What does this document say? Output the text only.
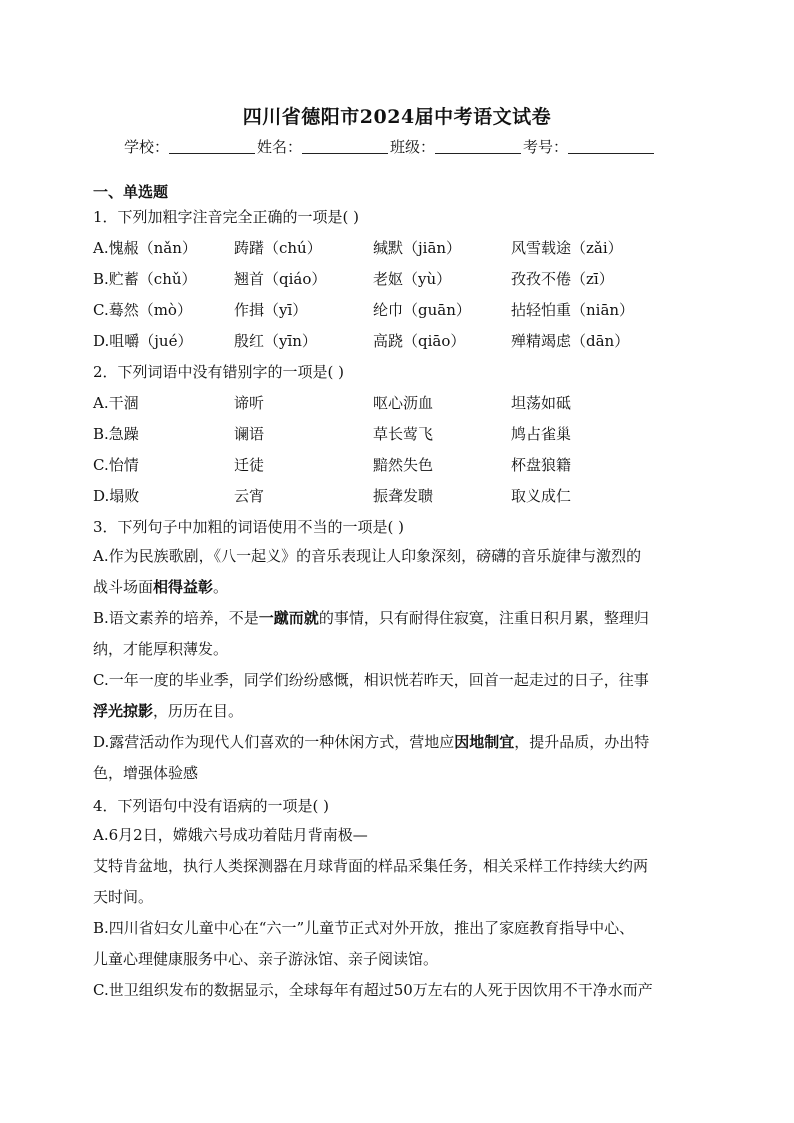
四川省德阳市2024届中考语文试卷
学校：	姓名：	班级：	考号：
一、单选题
1．下列加粗字注音完全正确的一项是( )
A.愧赧（nǎn） 踌躇（chú）	缄默（jiān）	风雪载途（zǎi）
B.贮蓄（chǔ） 翘首（qiáo）	老妪（yù）	孜孜不倦（zī）
C.蓦然（mò）	作揖（yī）	纶巾（guān）	拈轻怕重（niān）
D.咀嚼（jué）	殷红（yīn）	高跷（qiāo）	殚精竭虑（dān）
2．下列词语中没有错别字的一项是( )
A.干涸	谛听	呕心沥血	坦荡如砥
B.急躁	谰语	草长莺飞	鸠占雀巢
C.怡情	迁徒	黯然失色	杯盘狼籍
D.塌败	云宵	振聋发聩	取义成仁
3．下列句子中加粗的词语使用不当的一项是( )
A.作为民族歌剧，《八一起义》的音乐表现让人印象深刻，磅礴的音乐旋律与激烈的
战斗场面相得益彰。
B.语文素养的培养，不是一蹴而就的事情，只有耐得住寂寞，注重日积月累，整理归
纳，才能厚积薄发。
C.一年一度的毕业季，同学们纷纷感慨，相识恍若昨天，回首一起走过的日子，往事
浮光掠影，历历在目。
D.露营活动作为现代人们喜欢的一种休闲方式，营地应因地制宜，提升品质，办出特
色，增强体验感
4．下列语句中没有语病的一项是( )
A.6月2日，嫦娥六号成功着陆月背南极—
艾特肯盆地，执行人类探测器在月球背面的样品采集任务，相关采样工作持续大约两
天时间。
B.四川省妇女儿童中心在“六一”儿童节正式对外开放，推出了家庭教育指导中心、
儿童心理健康服务中心、亲子游泳馆、亲子阅读馆。
C.世卫组织发布的数据显示，全球每年有超过50万左右的人死于因饮用不干净水而产
